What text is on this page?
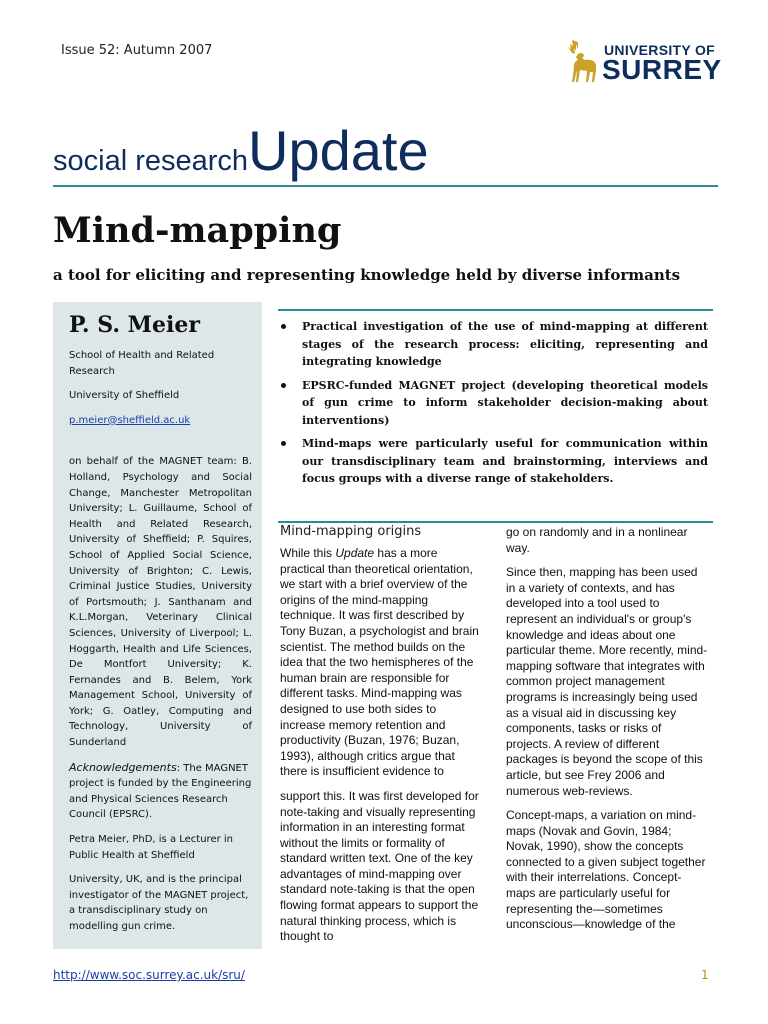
Issue 52: Autumn 2007	UNIVERSITY OF
SURREY
social researchUpdate
Mind-mapping
a tool for eliciting and representing knowledge held by diverse informants
P. S. Meier

School of Health and Related Research

University of Sheffield

p.meier@sheffield.ac.uk

on behalf of the MAGNET team: B. Holland, Psychology and Social Change, Manchester Metropolitan University; L. Guillaume, School of Health and Related Research, University of Sheffield; P. Squires, School of Applied Social Science, University of Brighton; C. Lewis, Criminal Justice Studies, University of Portsmouth; J. Santhanam and K.L.Morgan, Veterinary Clinical Sciences, University of Liverpool; L. Hoggarth, Health and Life Sciences, De Montfort University; K. Fernandes and B. Belem, York Management School, University of York; G. Oatley, Computing and Technology, University of Sunderland

Acknowledgements: The MAGNET project is funded by the Engineering and Physical Sciences Research Council (EPSRC).

Petra Meier, PhD, is a Lecturer in Public Health at Sheffield

University, UK, and is the principal investigator of the MAGNET project, a transdisciplinary study on modelling gun crime.

Practical investigation of the use of mind-mapping at different stages of the research process: eliciting, representing and integrating knowledge
EPSRC-funded MAGNET project (developing theoretical models of gun crime to inform stakeholder decision-making about interventions)
Mind-maps were particularly useful for communication within our transdisciplinary team and brainstorming, interviews and focus groups with a diverse range of stakeholders.
Mind-mapping origins

While this Update has a more practical than theoretical orientation, we start with a brief overview of the origins of the mind-mapping technique. It was first described by Tony Buzan, a psychologist and brain scientist. The method builds on the idea that the two hemispheres of the human brain are responsible for different tasks. Mind-mapping was designed to use both sides to increase memory retention and productivity (Buzan, 1976; Buzan, 1993), although critics argue that there is insufficient evidence to

support this. It was first developed for note-taking and visually representing information in an interesting format without the limits or formality of standard written text. One of the key advantages of mind-mapping over standard note-taking is that the open flowing format appears to support the natural thinking process, which is thought to

go on randomly and in a nonlinear way.

Since then, mapping has been used in a variety of contexts, and has developed into a tool used to represent an individual's or group's knowledge and ideas about one particular theme. More recently, mind-mapping software that integrates with common project management programs is increasingly being used as a visual aid in discussing key components, tasks or risks of projects. A review of different packages is beyond the scope of this article, but see Frey 2006 and numerous web-reviews.

Concept-maps, a variation on mind-maps (Novak and Govin, 1984; Novak, 1990), show the concepts connected to a given subject together with their interrelations. Concept-maps are particularly useful for representing the—sometimes unconscious—knowledge of the

http://www.soc.surrey.ac.uk/sru/	1
